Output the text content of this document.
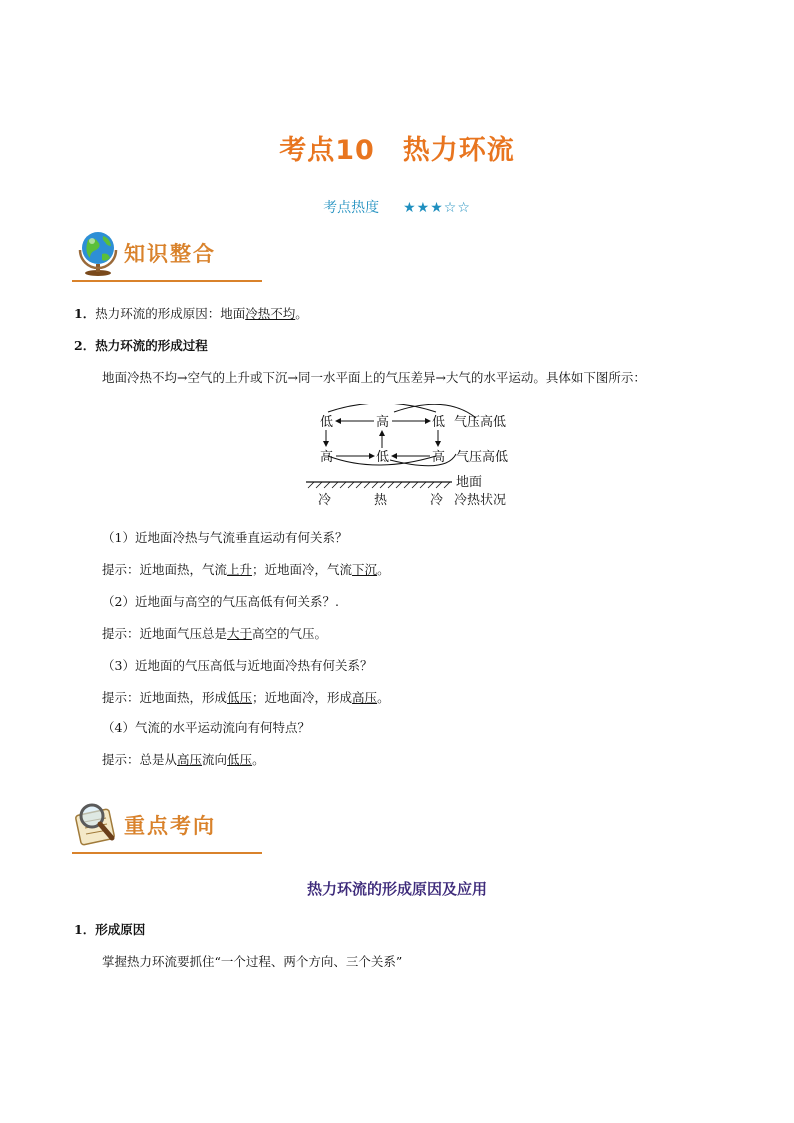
考点10　热力环流
考点热度 ★★★☆☆
知识整合
1．热力环流的形成原因：地面冷热不均。
2．热力环流的形成过程
地面冷热不均→空气的上升或下沉→同一水平面上的气压差异→大气的水平运动。具体如下图所示：
低	高	低 气压高低
高	低	高 气压高低
地面
冷	热	冷 冷热状况
（1）近地面冷热与气流垂直运动有何关系？
提示：近地面热，气流上升；近地面冷，气流下沉。
（2）近地面与高空的气压高低有何关系？.
提示：近地面气压总是大于高空的气压。
（3）近地面的气压高低与近地面冷热有何关系？
提示：近地面热，形成低压；近地面冷，形成高压。
（4）气流的水平运动流向有何特点？
提示：总是从高压流向低压。
重点考向
热力环流的形成原因及应用
1．形成原因
掌握热力环流要抓住“一个过程、两个方向、三个关系”
